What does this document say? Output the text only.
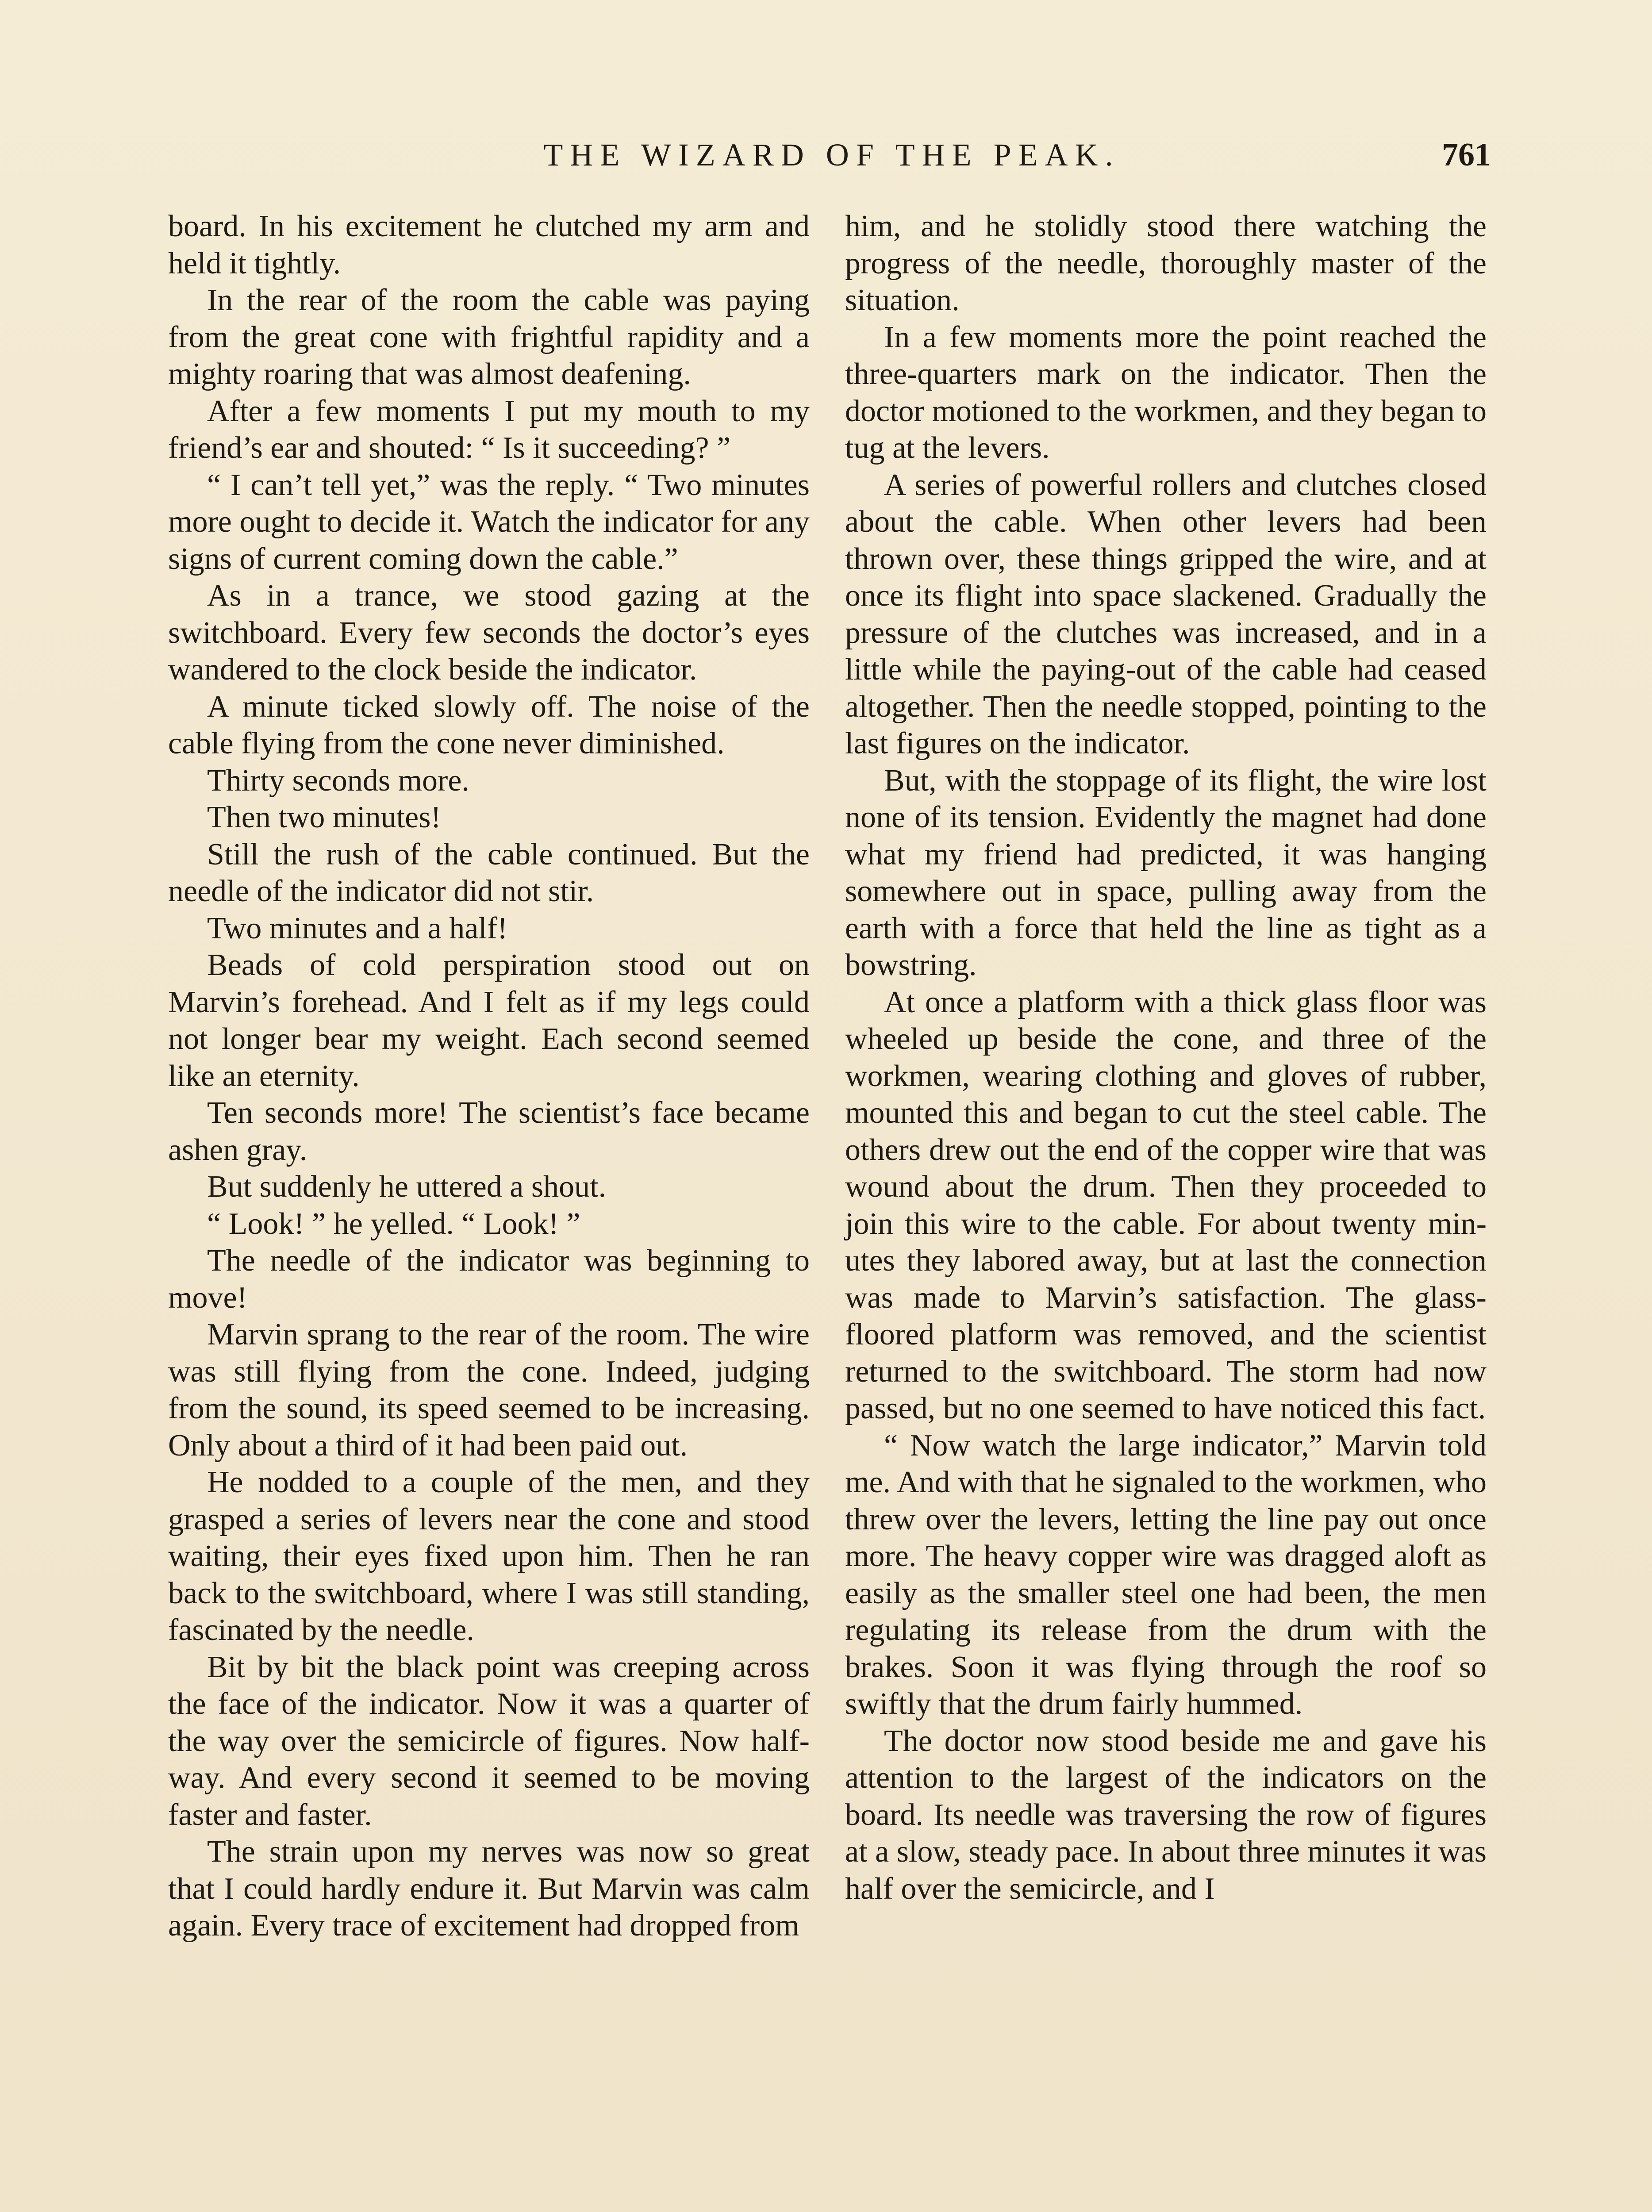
THE WIZARD OF THE PEAK.	761

board. In his excitement he clutched my arm and held it tightly.

In the rear of the room the cable was paying from the great cone with frightful rapidity and a mighty roaring that was almost deafening.

After a few moments I put my mouth to my friend’s ear and shouted: “ Is it succeeding? ”

“ I can’t tell yet,” was the reply. “ Two minutes more ought to decide it. Watch the indicator for any signs of current coming down the cable.”

As in a trance, we stood gazing at the switchboard. Every few seconds the doctor’s eyes wandered to the clock beside the indicator.

A minute ticked slowly off. The noise of the cable flying from the cone never diminished.

Thirty seconds more.

Then two minutes!

Still the rush of the cable continued. But the needle of the indicator did not stir.

Two minutes and a half!

Beads of cold perspiration stood out on Marvin’s forehead. And I felt as if my legs could not longer bear my weight. Each second seemed like an eternity.

Ten seconds more! The scientist’s face became ashen gray.

But suddenly he uttered a shout.

“ Look! ” he yelled. “ Look! ”

The needle of the indicator was beginning to move!

Marvin sprang to the rear of the room. The wire was still flying from the cone. Indeed, judging from the sound, its speed seemed to be increasing. Only about a third of it had been paid out.

He nodded to a couple of the men, and they grasped a series of levers near the cone and stood waiting, their eyes fixed upon him. Then he ran back to the switchboard, where I was still standing, fascinated by the needle.

Bit by bit the black point was creeping across the face of the indicator. Now it was a quarter of the way over the semicircle of figures. Now half-way. And every second it seemed to be moving faster and faster.

The strain upon my nerves was now so great that I could hardly endure it. But Marvin was calm again. Every trace of excitement had dropped from

him, and he stolidly stood there watching the progress of the needle, thoroughly master of the situation.

In a few moments more the point reached the three-quarters mark on the indicator. Then the doctor motioned to the workmen, and they began to tug at the levers.

A series of powerful rollers and clutches closed about the cable. When other levers had been thrown over, these things gripped the wire, and at once its flight into space slackened. Gradually the pressure of the clutches was increased, and in a little while the paying-out of the cable had ceased altogether. Then the needle stopped, pointing to the last figures on the indicator.

But, with the stoppage of its flight, the wire lost none of its tension. Evidently the magnet had done what my friend had predicted, it was hanging somewhere out in space, pulling away from the earth with a force that held the line as tight as a bowstring.

At once a platform with a thick glass floor was wheeled up beside the cone, and three of the workmen, wearing clothing and gloves of rubber, mounted this and began to cut the steel cable. The others drew out the end of the copper wire that was wound about the drum. Then they proceeded to join this wire to the cable. For about twenty minutes they labored away, but at last the connection was made to Marvin’s satisfaction. The glass-floored platform was removed, and the scientist returned to the switchboard. The storm had now passed, but no one seemed to have noticed this fact.

“ Now watch the large indicator,” Marvin told me. And with that he signaled to the workmen, who threw over the levers, letting the line pay out once more. The heavy copper wire was dragged aloft as easily as the smaller steel one had been, the men regulating its release from the drum with the brakes. Soon it was flying through the roof so swiftly that the drum fairly hummed.

The doctor now stood beside me and gave his attention to the largest of the indicators on the board. Its needle was traversing the row of figures at a slow, steady pace. In about three minutes it was half over the semicircle, and I
